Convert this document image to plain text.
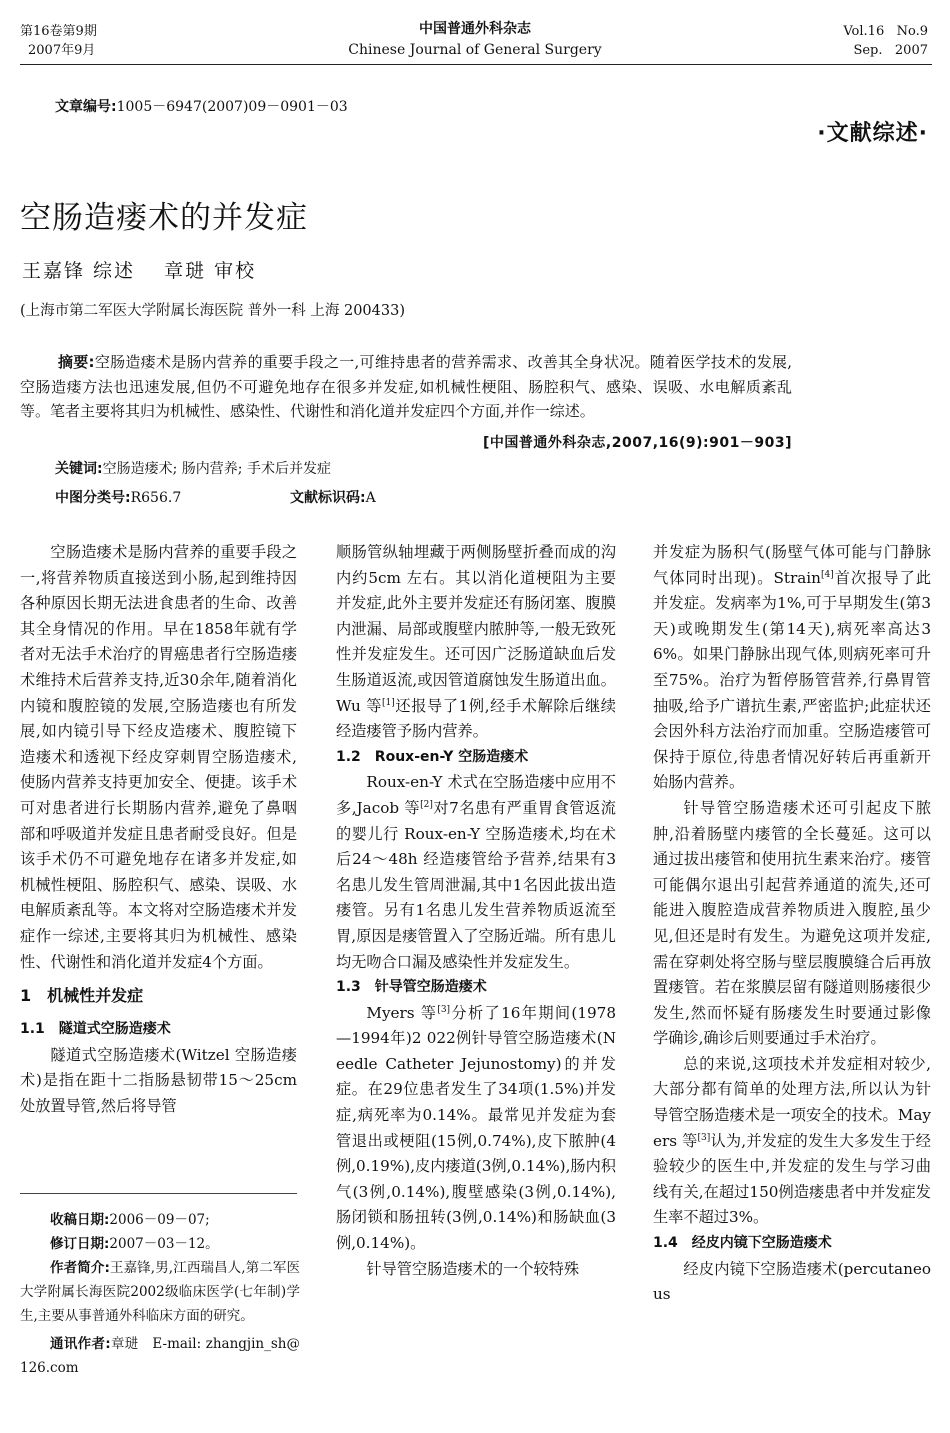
第16卷第9期
2007年9月
中国普通外科杂志
Chinese Journal of General Surgery
Vol.16   No.9
Sep.   2007
文章编号:1005－6947(2007)09－0901－03
·文献综述·
空肠造瘘术的并发症
王嘉锋 综述　 章琎 审校
(上海市第二军医大学附属长海医院 普外一科 上海 200433)
摘要:空肠造瘘术是肠内营养的重要手段之一,可维持患者的营养需求、改善其全身状况。随着医学技术的发展,空肠造瘘方法也迅速发展,但仍不可避免地存在很多并发症,如机械性梗阻、肠腔积气、感染、误吸、水电解质紊乱等。笔者主要将其归为机械性、感染性、代谢性和消化道并发症四个方面,并作一综述。
[中国普通外科杂志,2007,16(9):901－903]
关键词:空肠造瘘术; 肠内营养; 手术后并发症
中图分类号:R656.7	文献标识码:A

空肠造瘘术是肠内营养的重要手段之一,将营养物质直接送到小肠,起到维持因各种原因长期无法进食患者的生命、改善其全身情况的作用。早在1858年就有学者对无法手术治疗的胃癌患者行空肠造瘘术维持术后营养支持,近30余年,随着消化内镜和腹腔镜的发展,空肠造瘘也有所发展,如内镜引导下经皮造瘘术、腹腔镜下造瘘术和透视下经皮穿刺胃空肠造瘘术,使肠内营养支持更加安全、便捷。该手术可对患者进行长期肠内营养,避免了鼻咽部和呼吸道并发症且患者耐受良好。但是该手术仍不可避免地存在诸多并发症,如机械性梗阻、肠腔积气、感染、误吸、水电解质紊乱等。本文将对空肠造瘘术并发症作一综述,主要将其归为机械性、感染性、代谢性和消化道并发症4个方面。

1　机械性并发症
1.1　隧道式空肠造瘘术

隧道式空肠造瘘术(Witzel 空肠造瘘术)是指在距十二指肠悬韧带15～25cm 处放置导管,然后将导管

收稿日期:2006－09－07;
修订日期:2007－03－12。
作者简介:王嘉锋,男,江西瑞昌人,第二军医大学附属长海医院2002级临床医学(七年制)学生,主要从事普通外科临床方面的研究。
通讯作者:章琎　E-mail: zhangjin_sh@126.com

顺肠管纵轴埋藏于两侧肠壁折叠而成的沟内约5cm 左右。其以消化道梗阻为主要并发症,此外主要并发症还有肠闭塞、腹膜内泄漏、局部或腹壁内脓肿等,一般无致死性并发症发生。还可因广泛肠道缺血后发生肠道返流,或因管道腐蚀发生肠道出血。Wu 等[1]还报导了1例,经手术解除后继续经造瘘管予肠内营养。

1.2　Roux-en-Y 空肠造瘘术

Roux-en-Y 术式在空肠造瘘中应用不多,Jacob 等[2]对7名患有严重胃食管返流的婴儿行 Roux-en-Y 空肠造瘘术,均在术后24～48h 经造瘘管给予营养,结果有3名患儿发生管周泄漏,其中1名因此拔出造瘘管。另有1名患儿发生营养物质返流至胃,原因是瘘管置入了空肠近端。所有患儿均无吻合口漏及感染性并发症发生。

1.3　针导管空肠造瘘术

Myers 等[3]分析了16年期间(1978—1994年)2 022例针导管空肠造瘘术(Needle Catheter Jejunostomy)的并发症。在29位患者发生了34项(1.5%)并发症,病死率为0.14%。最常见并发症为套管退出或梗阻(15例,0.74%),皮下脓肿(4例,0.19%),皮内瘘道(3例,0.14%),肠内积气(3例,0.14%),腹壁感染(3例,0.14%),肠闭锁和肠扭转(3例,0.14%)和肠缺血(3例,0.14%)。

针导管空肠造瘘术的一个较特殊

并发症为肠积气(肠壁气体可能与门静脉气体同时出现)。Strain[4]首次报导了此并发症。发病率为1%,可于早期发生(第3天)或晚期发生(第14天),病死率高达36%。如果门静脉出现气体,则病死率可升至75%。治疗为暂停肠管营养,行鼻胃管抽吸,给予广谱抗生素,严密监护;此症状还会因外科方法治疗而加重。空肠造瘘管可保持于原位,待患者情况好转后再重新开始肠内营养。

针导管空肠造瘘术还可引起皮下脓肿,沿着肠壁内瘘管的全长蔓延。这可以通过拔出瘘管和使用抗生素来治疗。瘘管可能偶尔退出引起营养通道的流失,还可能进入腹腔造成营养物质进入腹腔,虽少见,但还是时有发生。为避免这项并发症,需在穿刺处将空肠与壁层腹膜缝合后再放置瘘管。若在浆膜层留有隧道则肠瘘很少发生,然而怀疑有肠瘘发生时要通过影像学确诊,确诊后则要通过手术治疗。

总的来说,这项技术并发症相对较少,大部分都有简单的处理方法,所以认为针导管空肠造瘘术是一项安全的技术。Mayers 等[3]认为,并发症的发生大多发生于经验较少的医生中,并发症的发生与学习曲线有关,在超过150例造瘘患者中并发症发生率不超过3%。

1.4　经皮内镜下空肠造瘘术

经皮内镜下空肠造瘘术(percutaneous
